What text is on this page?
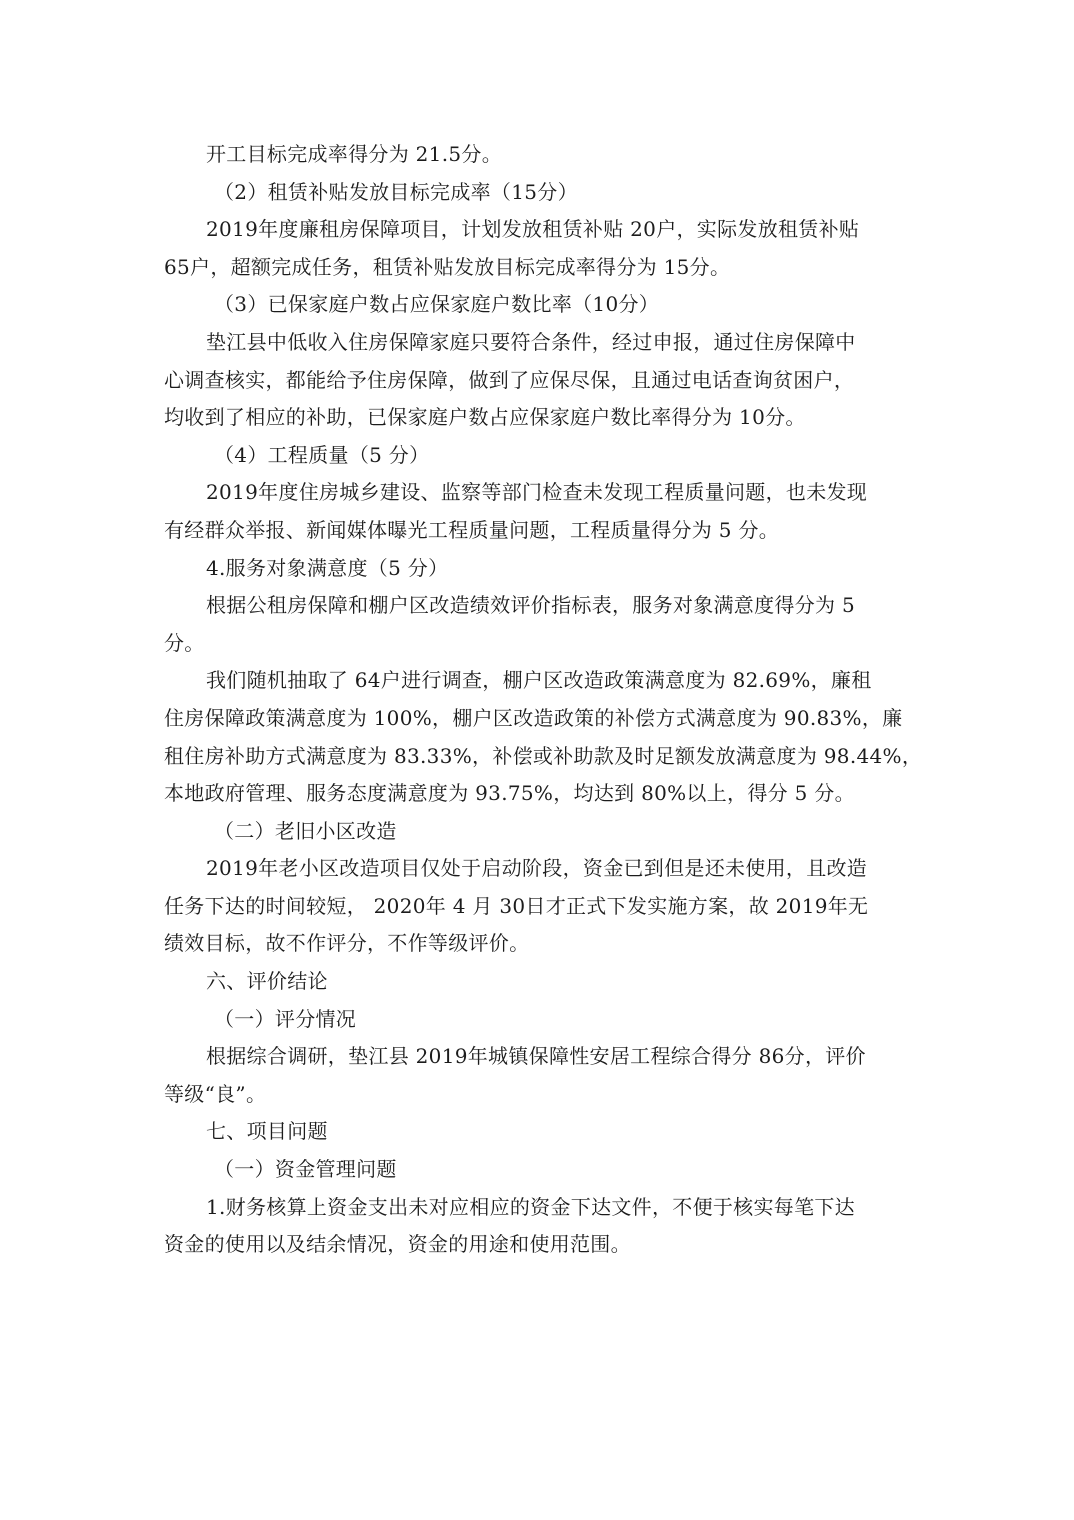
开工目标完成率得分为 21.5分。
（2）租赁补贴发放目标完成率（15分）
2019年度廉租房保障项目，计划发放租赁补贴 20户，实际发放租赁补贴
65户，超额完成任务，租赁补贴发放目标完成率得分为 15分。
（3）已保家庭户数占应保家庭户数比率（10分）
垫江县中低收入住房保障家庭只要符合条件，经过申报，通过住房保障中
心调查核实，都能给予住房保障，做到了应保尽保，且通过电话查询贫困户，
均收到了相应的补助，已保家庭户数占应保家庭户数比率得分为 10分。
（4）工程质量（5 分）
2019年度住房城乡建设、监察等部门检查未发现工程质量问题，也未发现
有经群众举报、新闻媒体曝光工程质量问题，工程质量得分为 5 分。
4.服务对象满意度（5 分）
根据公租房保障和棚户区改造绩效评价指标表，服务对象满意度得分为 5
分。
我们随机抽取了 64户进行调查，棚户区改造政策满意度为 82.69%，廉租
住房保障政策满意度为 100%，棚户区改造政策的补偿方式满意度为 90.83%，廉
租住房补助方式满意度为 83.33%，补偿或补助款及时足额发放满意度为 98.44%，
本地政府管理、服务态度满意度为 93.75%，均达到 80%以上，得分 5 分。
（二）老旧小区改造
2019年老小区改造项目仅处于启动阶段，资金已到但是还未使用，且改造
任务下达的时间较短， 2020年 4 月 30日才正式下发实施方案，故 2019年无
绩效目标，故不作评分，不作等级评价。
六、评价结论
（一）评分情况
根据综合调研，垫江县 2019年城镇保障性安居工程综合得分 86分，评价
等级“良”。
七、项目问题
（一）资金管理问题
1.财务核算上资金支出未对应相应的资金下达文件，不便于核实每笔下达
资金的使用以及结余情况，资金的用途和使用范围。
